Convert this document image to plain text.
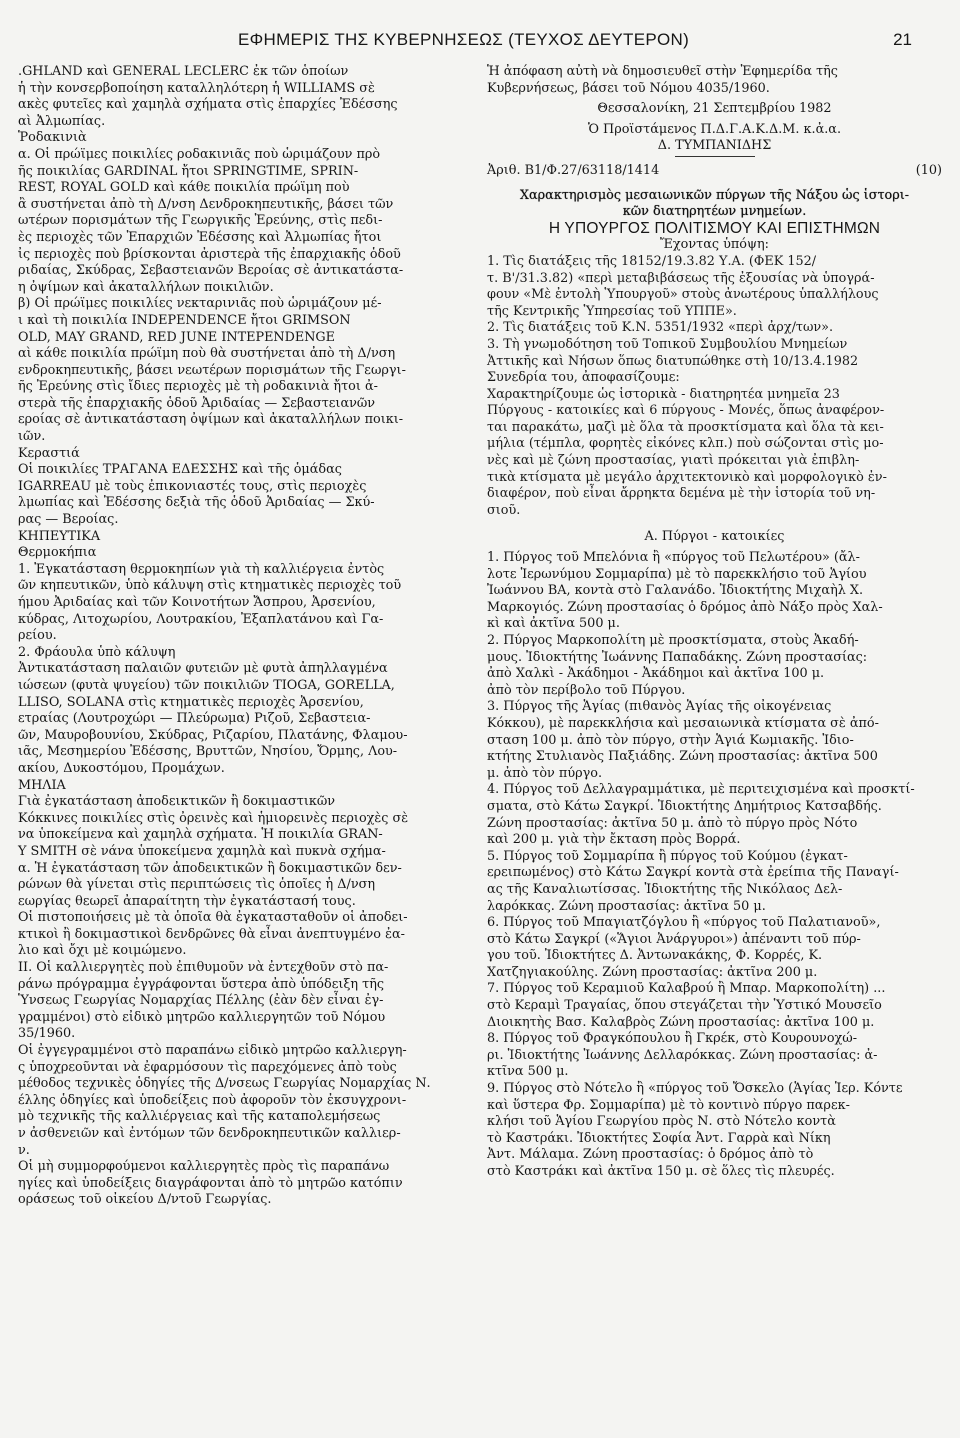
ΕΦΗΜΕΡΙΣ ΤΗΣ ΚΥΒΕΡΝΗΣΕΩΣ (ΤΕΥΧΟΣ ΔΕΥΤΕΡΟΝ)	21

.GHLAND καὶ GENERAL LECLERC ἐκ τῶν ὁποίων

ἡ τὴν κονσερβοποίηση καταλληλότερη ἡ WILLIAMS σὲ

ακὲς φυτεῖες καὶ χαμηλὰ σχήματα στὶς ἐπαρχίες Ἐδέσσης

αὶ Ἀλμωπίας.

Ῥοδακινιὰ

α. Οἱ πρώϊμες ποικιλίες ροδακινιᾶς ποὺ ὡριμάζουν πρὸ

ῆς ποικιλίας GARDINAL ἤτοι SPRINGTIME, SPRIN-

REST, ROYAL GOLD καὶ κάθε ποικιλία πρώϊμη ποὺ

ἂ συστήνεται ἀπὸ τὴ Δ/νση Δενδροκηπευτικῆς, βάσει τῶν

ωτέρων πορισμάτων τῆς Γεωργικῆς Ἐρεύνης, στὶς πεδι-

ὲς περιοχὲς τῶν Ἐπαρχιῶν Ἐδέσσης καὶ Ἀλμωπίας ἤτοι

ἰς περιοχὲς ποὺ βρίσκονται ἀριστερὰ τῆς ἐπαρχιακῆς ὁδοῦ

ριδαίας, Σκύδρας, Σεβαστειανῶν Βεροίας σὲ ἀντικατάστα-

η ὀψίμων καὶ ἀκαταλλήλων ποικιλιῶν.

β) Οἱ πρώϊμες ποικιλίες νεκταρινιᾶς ποὺ ὡριμάζουν μέ-

ι καὶ τὴ ποικιλία INDEPENDENCE ἤτοι GRIMSON

OLD, MAY GRAND, RED JUNE INTEPENDENGE

αὶ κάθε ποικιλία πρώϊμη ποὺ θὰ συστήνεται ἀπὸ τὴ Δ/νση

ενδροκηπευτικῆς, βάσει νεωτέρων πορισμάτων τῆς Γεωργι-

ῆς Ἐρεύνης στὶς ἴδιες περιοχὲς μὲ τὴ ροδακινιὰ ἤτοι ἀ-

στερὰ τῆς ἐπαρχιακῆς ὁδοῦ Ἀριδαίας — Σεβαστειανῶν

εροίας σὲ ἀντικατάσταση ὀψίμων καὶ ἀκαταλλήλων ποικι-

ιῶν.

Κεραστιά

Οἱ ποικιλίες ΤΡΑΓΑΝΑ ΕΔΕΣΣΗΣ καὶ τῆς ὁμάδας

IGARREAU μὲ τοὺς ἐπικονιαστές τους, στὶς περιοχὲς

λμωπίας καὶ Ἐδέσσης δεξιὰ τῆς ὁδοῦ Ἀριδαίας — Σκύ-

ρας — Βεροίας.

ΚΗΠΕΥΤΙΚΑ

Θερμοκήπια

1. Ἐγκατάσταση θερμοκηπίων γιὰ τὴ καλλιέργεια ἐντὸς

ῶν κηπευτικῶν, ὑπὸ κάλυψη στὶς κτηματικὲς περιοχὲς τοῦ

ήμου Ἀριδαίας καὶ τῶν Κοινοτήτων Ἄσπρου, Ἀρσενίου,

κύδρας, Λιτοχωρίου, Λουτρακίου, Ἐξαπλατάνου καὶ Γα-

ρείου.

2. Φράουλα ὑπὸ κάλυψη

Ἀντικατάσταση παλαιῶν φυτειῶν μὲ φυτὰ ἀπηλλαγμένα

ιώσεων (φυτὰ ψυγείου) τῶν ποικιλιῶν TIOGA, GORELLA,

LLISO, SOLANA στὶς κτηματικὲς περιοχὲς Ἀρσενίου,

ετραίας (Λουτροχώρι — Πλεύρωμα) Ριζοῦ, Σεβαστεια-

ῶν, Μαυροβουνίου, Σκύδρας, Ριζαρίου, Πλατάνης, Φλαμου-

ιᾶς, Μεσημερίου Ἐδέσσης, Βρυττῶν, Νησίου, Ὄρμης, Λου-

ακίου, Δυκοστόμου, Προμάχων.

ΜΗΛΙΑ

Γιὰ ἐγκατάσταση ἀποδεικτικῶν ἢ δοκιμαστικῶν

Κόκκινες ποικιλίες στὶς ὀρεινὲς καὶ ἡμιορεινὲς περιοχὲς σὲ

να ὑποκείμενα καὶ χαμηλὰ σχήματα. Ἡ ποικιλία GRAN-

Y SMITH σὲ νάνα ὑποκείμενα χαμηλὰ καὶ πυκνὰ σχήμα-

α. Ἡ ἐγκατάσταση τῶν ἀποδεικτικῶν ἢ δοκιμαστικῶν δεν-

ρώνων θὰ γίνεται στὶς περιπτώσεις τὶς ὁποῖες ἡ Δ/νση

εωργίας θεωρεῖ ἀπαραίτητη τὴν ἐγκατάστασή τους.

Οἱ πιστοποιήσεις μὲ τὰ ὁποῖα θὰ ἐγκατασταθοῦν οἱ ἀποδει-

κτικοὶ ἢ δοκιμαστικοὶ δενδρῶνες θὰ εἶναι ἀνεπτυγμένο ἐα-

λιο καὶ ὄχι μὲ κοιμώμενο.

II. Οἱ καλλιεργητὲς ποὺ ἐπιθυμοῦν νὰ ἐντεχθοῦν στὸ πα-

ράνω πρόγραμμα ἐγγράφονται ὕστερα ἀπὸ ὑπόδειξη τῆς

Ὑνσεως Γεωργίας Νομαρχίας Πέλλης (ἐὰν δὲν εἶναι ἐγ-

γραμμένοι) στὸ εἰδικὸ μητρῶο καλλιεργητῶν τοῦ Νόμου

35/1960.

Οἱ ἐγγεγραμμένοι στὸ παραπάνω εἰδικὸ μητρῶο καλλιεργη-

ς ὑποχρεοῦνται νὰ ἐφαρμόσουν τὶς παρεχόμενες ἀπὸ τοὺς

μέθοδος τεχνικὲς ὁδηγίες τῆς Δ/νσεως Γεωργίας Νομαρχίας Ν.

έλλης ὁδηγίες καὶ ὑποδείξεις ποὺ ἀφοροῦν τὸν ἐκσυγχρονι-

μὸ τεχνικῆς τῆς καλλιέργειας καὶ τῆς καταπολεμήσεως

ν ἀσθενειῶν καὶ ἐντόμων τῶν δενδροκηπευτικῶν καλλιερ-

ν.

Οἱ μὴ συμμορφούμενοι καλλιεργητὲς πρὸς τὶς παραπάνω

ηγίες καὶ ὑποδείξεις διαγράφονται ἀπὸ τὸ μητρῶο κατόπιν

οράσεως τοῦ οἰκείου Δ/ντοῦ Γεωργίας.

Ἡ ἀπόφαση αὐτὴ νὰ δημοσιευθεῖ στὴν Ἐφημερίδα τῆς

Κυβερνήσεως, βάσει τοῦ Νόμου 4035/1960.

Θεσσαλονίκη, 21 Σεπτεμβρίου 1982

Ὁ Προϊστάμενος Π.Δ.Γ.Α.Κ.Δ.Μ. κ.ἀ.α.

Δ. ΤΥΜΠΑΝΙΔΗΣ

Ἀριθ. Β1/Φ.27/63118/1414	(10)

Χαρακτηρισμὸς μεσαιωνικῶν πύργων τῆς Νάξου ὡς ἱστορι-

κῶν διατηρητέων μνημείων.

Η ΥΠΟΥΡΓΟΣ ΠΟΛΙΤΙΣΜΟΥ ΚΑΙ ΕΠΙΣΤΗΜΩΝ

Ἔχοντας ὑπόψη:

1. Τὶς διατάξεις τῆς 18152/19.3.82 Υ.Α. (ΦΕΚ 152/

τ. Β'/31.3.82) «περὶ μεταβιβάσεως τῆς ἐξουσίας νὰ ὑπογρά-

φουν «Μὲ ἐντολὴ Ὑπουργοῦ» στοὺς ἀνωτέρους ὑπαλλήλους

τῆς Κεντρικῆς Ὑπηρεσίας τοῦ ΥΠΠΕ».

2. Τὶς διατάξεις τοῦ Κ.Ν. 5351/1932 «περὶ ἀρχ/των».

3. Τὴ γνωμοδότηση τοῦ Τοπικοῦ Συμβουλίου Μνημείων

Ἀττικῆς καὶ Νήσων ὅπως διατυπώθηκε στὴ 10/13.4.1982

Συνεδρία του, ἀποφασίζουμε:

Χαρακτηρίζουμε ὡς ἱστορικὰ - διατηρητέα μνημεῖα 23

Πύργους - κατοικίες καὶ 6 πύργους - Μονές, ὅπως ἀναφέρον-

ται παρακάτω, μαζὶ μὲ ὅλα τὰ προσκτίσματα καὶ ὅλα τὰ κει-

μήλια (τέμπλα, φορητὲς εἰκόνες κλπ.) ποὺ σώζονται στὶς μο-

νὲς καὶ μὲ ζώνη προστασίας, γιατὶ πρόκειται γιὰ ἐπιβλη-

τικὰ κτίσματα μὲ μεγάλο ἀρχιτεκτονικὸ καὶ μορφολογικὸ ἐν-

διαφέρον, ποὺ εἶναι ἄρρηκτα δεμένα μὲ τὴν ἱστορία τοῦ νη-

σιοῦ.

Α. Πύργοι - κατοικίες

1. Πύργος τοῦ Μπελόνια ἢ «πύργος τοῦ Πελωτέρου» (ἄλ-

λοτε Ἱερωνύμου Σομμαρίπα) μὲ τὸ παρεκκλήσιο τοῦ Ἁγίου

Ἰωάννου ΒΑ, κοντὰ στὸ Γαλανάδο. Ἰδιοκτήτης Μιχαὴλ Χ.

Μαρκογιός. Ζώνη προστασίας ὁ δρόμος ἀπὸ Νάξο πρὸς Χαλ-

κὶ καὶ ἀκτῖνα 500 μ.

2. Πύργος Μαρκοπολίτη μὲ προσκτίσματα, στοὺς Ἀκαδή-

μους. Ἰδιοκτήτης Ἰωάννης Παπαδάκης. Ζώνη προστασίας:

ἀπὸ Χαλκὶ - Ἀκάδημοι - Ἀκάδημοι καὶ ἀκτῖνα 100 μ.

ἀπὸ τὸν περίβολο τοῦ Πύργου.

3. Πύργος τῆς Ἁγίας (πιθανὸς Ἁγίας τῆς οἰκογένειας

Κόκκου), μὲ παρεκκλήσια καὶ μεσαιωνικὰ κτίσματα σὲ ἀπό-

σταση 100 μ. ἀπὸ τὸν πύργο, στὴν Ἁγιά Κωμιακῆς. Ἰδιο-

κτήτης Στυλιανὸς Παξιάδης. Ζώνη προστασίας: ἀκτῖνα 500

μ. ἀπὸ τὸν πύργο.

4. Πύργος τοῦ Δελλαγραμμάτικα, μὲ περιτειχισμένα καὶ προσκτί-

σματα, στὸ Κάτω Σαγκρί. Ἰδιοκτήτης Δημήτριος Κατσαβδής.

Ζώνη προστασίας: ἀκτῖνα 50 μ. ἀπὸ τὸ πύργο πρὸς Νότο

καὶ 200 μ. γιὰ τὴν ἔκταση πρὸς Βορρά.

5. Πύργος τοῦ Σομμαρίπα ἢ πύργος τοῦ Κούμου (ἐγκατ-

ερειπωμένος) στὸ Κάτω Σαγκρί κοντὰ στὰ ἐρείπια τῆς Παναγί-

ας τῆς Καναλιωτίσσας. Ἰδιοκτήτης τῆς Νικόλαος Δελ-

λαρόκκας. Ζώνη προστασίας: ἀκτῖνα 50 μ.

6. Πύργος τοῦ Μπαγιατζόγλου ἢ «πύργος τοῦ Παλατιανοῦ»,

στὸ Κάτω Σαγκρί («Ἅγιοι Ἀνάργυροι») ἀπέναντι τοῦ πύρ-

γου τοῦ. Ἰδιοκτήτες Δ. Ἀντωνακάκης, Φ. Κορρές, Κ.

Χατζηγιακούλης. Ζώνη προστασίας: ἀκτῖνα 200 μ.

7. Πύργος τοῦ Κεραμιοῦ Καλαβρού ἢ Μπαρ. Μαρκοπολίτη) ...

στὸ Κεραμὶ Τραγαίας, ὅπου στεγάζεται τὴν Ὑστικό Μουσεῖο

Διοικητὴς Βασ. Καλαβρὸς Ζώνη προστασίας: ἀκτῖνα 100 μ.

8. Πύργος τοῦ Φραγκόπουλου ἢ Γκρέκ, στὸ Κουρουνοχώ-

ρι. Ἰδιοκτήτης Ἰωάννης Δελλαρόκκας. Ζώνη προστασίας: ἀ-

κτῖνα 500 μ.

9. Πύργος στὸ Νότελο ἢ «πύργος τοῦ Ὄσκελο (Ἁγίας Ἱερ. Κόντε

καὶ ὕστερα Φρ. Σομμαρίπα) μὲ τὸ κοντινὸ πύργο παρεκ-

κλήσι τοῦ Ἁγίου Γεωργίου πρὸς Ν. στὸ Νότελο κοντὰ

τὸ Καστράκι. Ἰδιοκτήτες Σοφία Ἀντ. Γαρρὰ καὶ Νίκη

Ἀντ. Μάλαμα. Ζώνη προστασίας: ὁ δρόμος ἀπὸ τὸ

στὸ Καστράκι καὶ ἀκτῖνα 150 μ. σὲ ὅλες τὶς πλευρές.
